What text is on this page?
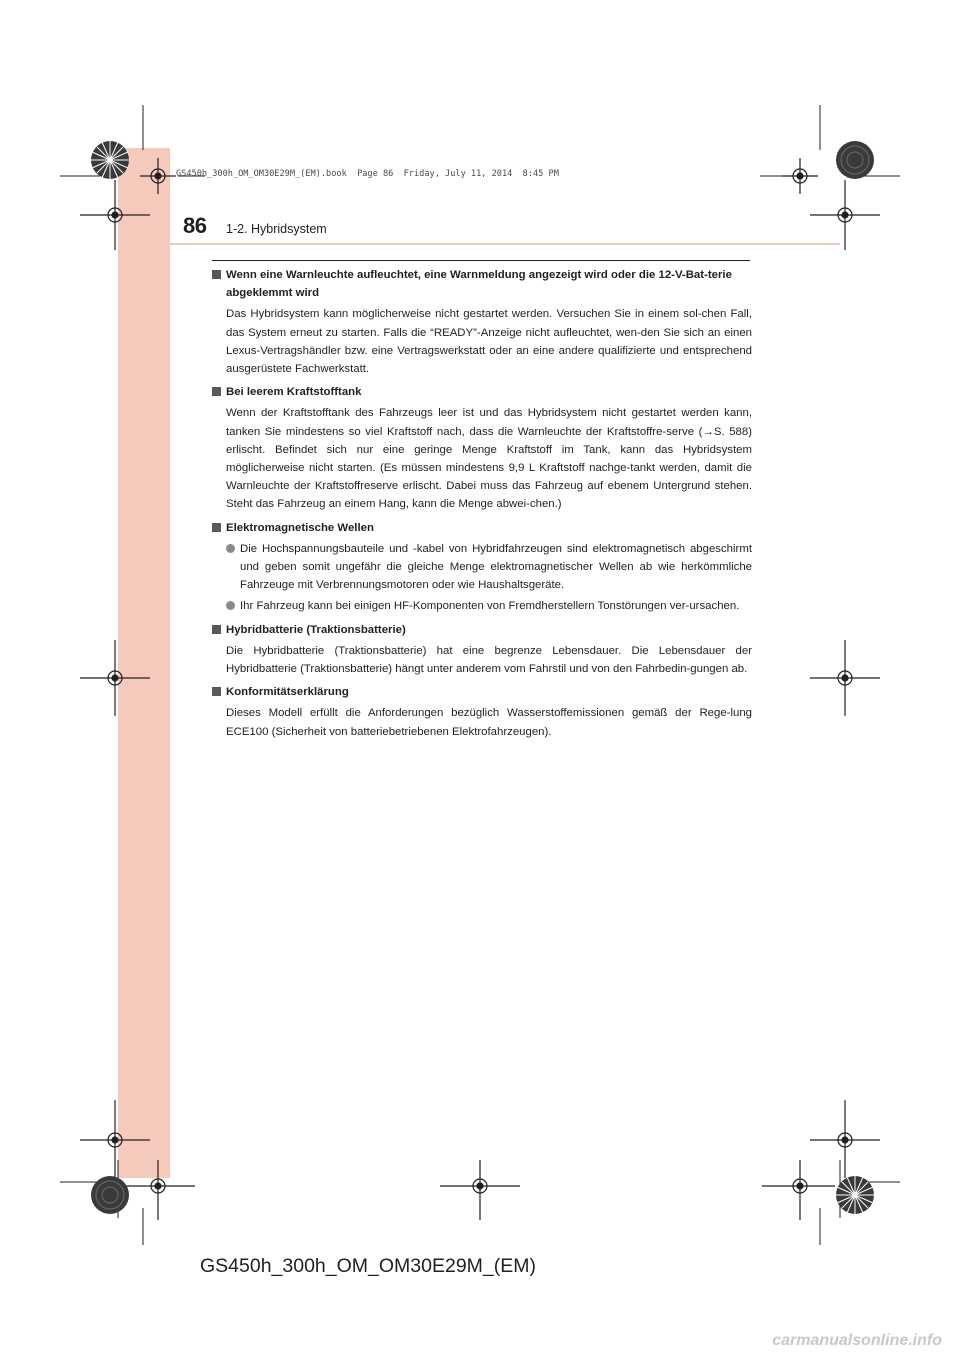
GS450h_300h_OM_OM30E29M_(EM).book  Page 86  Friday, July 11, 2014  8:45 PM
86 1-2. Hybridsystem
Wenn eine Warnleuchte aufleuchtet, eine Warnmeldung angezeigt wird oder die 12-V-Bat-terie abgeklemmt wird
Das Hybridsystem kann möglicherweise nicht gestartet werden. Versuchen Sie in einem sol-chen Fall, das System erneut zu starten. Falls die “READY”-Anzeige nicht aufleuchtet, wen-den Sie sich an einen Lexus-Vertragshändler bzw. eine Vertragswerkstatt oder an eine andere qualifizierte und entsprechend ausgerüstete Fachwerkstatt.
Bei leerem Kraftstofftank
Wenn der Kraftstofftank des Fahrzeugs leer ist und das Hybridsystem nicht gestartet werden kann, tanken Sie mindestens so viel Kraftstoff nach, dass die Warnleuchte der Kraftstoffre-serve (→S. 588) erlischt. Befindet sich nur eine geringe Menge Kraftstoff im Tank, kann das Hybridsystem möglicherweise nicht starten. (Es müssen mindestens 9,9 L Kraftstoff nachge-tankt werden, damit die Warnleuchte der Kraftstoffreserve erlischt. Dabei muss das Fahrzeug auf ebenem Untergrund stehen. Steht das Fahrzeug an einem Hang, kann die Menge abwei-chen.)
Elektromagnetische Wellen
Die Hochspannungsbauteile und -kabel von Hybridfahrzeugen sind elektromagnetisch abgeschirmt und geben somit ungefähr die gleiche Menge elektromagnetischer Wellen ab wie herkömmliche Fahrzeuge mit Verbrennungsmotoren oder wie Haushaltsgeräte.
Ihr Fahrzeug kann bei einigen HF-Komponenten von Fremdherstellern Tonstörungen ver-ursachen.
Hybridbatterie (Traktionsbatterie)
Die Hybridbatterie (Traktionsbatterie) hat eine begrenze Lebensdauer. Die Lebensdauer der Hybridbatterie (Traktionsbatterie) hängt unter anderem vom Fahrstil und von den Fahrbedin-gungen ab.
Konformitätserklärung
Dieses Modell erfüllt die Anforderungen bezüglich Wasserstoffemissionen gemäß der Rege-lung ECE100 (Sicherheit von batteriebetriebenen Elektrofahrzeugen).
GS450h_300h_OM_OM30E29M_(EM)
carmanualsonline.info
